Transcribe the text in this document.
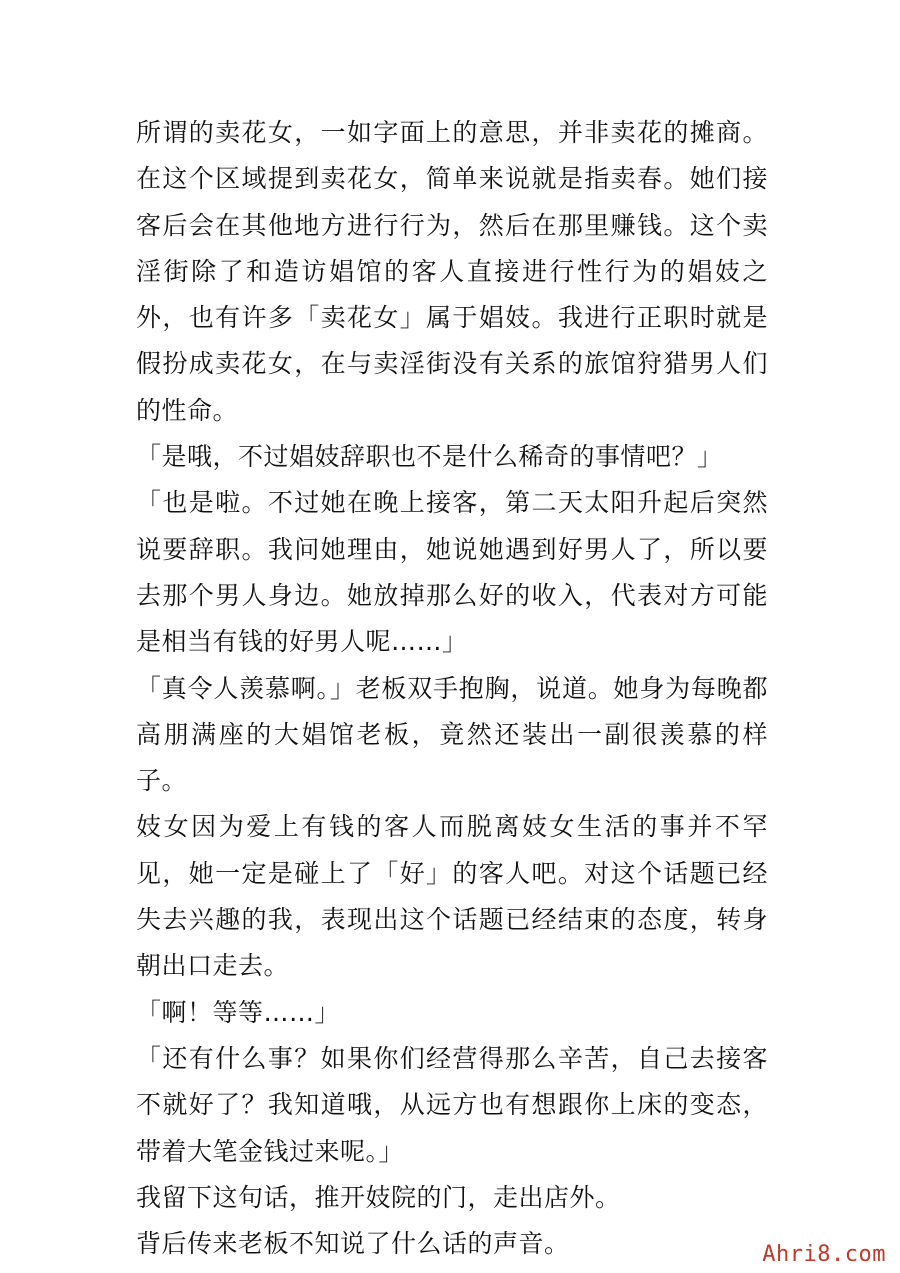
所谓的卖花女，一如字面上的意思，并非卖花的摊商。在这个区域提到卖花女，简单来说就是指卖春。她们接客后会在其他地方进行行为，然后在那里赚钱。这个卖淫街除了和造访娼馆的客人直接进行性行为的娼妓之外，也有许多「卖花女」属于娼妓。我进行正职时就是假扮成卖花女，在与卖淫街没有关系的旅馆狩猎男人们的性命。

「是哦，不过娼妓辞职也不是什么稀奇的事情吧？」

「也是啦。不过她在晚上接客，第二天太阳升起后突然说要辞职。我问她理由，她说她遇到好男人了，所以要去那个男人身边。她放掉那么好的收入，代表对方可能是相当有钱的好男人呢……」

「真令人羡慕啊。」老板双手抱胸，说道。她身为每晚都高朋满座的大娼馆老板，竟然还装出一副很羡慕的样子。

妓女因为爱上有钱的客人而脱离妓女生活的事并不罕见，她一定是碰上了「好」的客人吧。对这个话题已经失去兴趣的我，表现出这个话题已经结束的态度，转身朝出口走去。

「啊！等等……」

「还有什么事？如果你们经营得那么辛苦，自己去接客不就好了？我知道哦，从远方也有想跟你上床的变态，带着大笔金钱过来呢。」

我留下这句话，推开妓院的门，走出店外。

背后传来老板不知说了什么话的声音。	Ahri8.com
